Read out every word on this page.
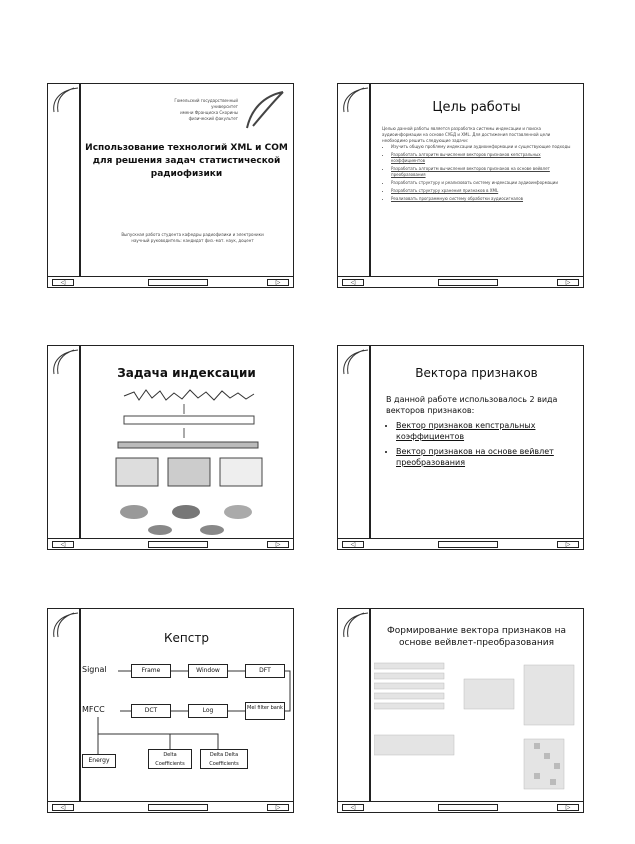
Гомельский государственный университет
имени Франциска Скорины
физический факультет
Использование технологий XML и COM для решения задач статистической радиофизики
Выпускная работа студента кафедры радиофизики и электроники
научный руководитель: кандидат физ.-мат. наук, доцент
◁	▷
Цель работы
Целью данной работы является разработка системы индексации и поиска аудиоинформации на основе СУБД и XML. Для достижения поставленной цели необходимо решить следующие задачи:
• Изучить общую проблему индексации аудиоинформации и существующие подходы
• Разработать алгоритм вычисления векторов признаков кепстральных коэффициентов
• Разработать алгоритм вычисления векторов признаков на основе вейвлет преобразования
• Разработать структуру и реализовать систему индексации аудиоинформации
• Разработать структуру хранения признаков в XML
• Реализовать программную систему обработки аудиосигналов
◁	▷
Задача индексации
◁	▷
Вектора признаков
В данной работе использовалось 2 вида векторов признаков:
• Вектор признаков кепстральных коэффициентов
• Вектор признаков на основе вейвлет преобразования
◁	▷
Кепстр
Signal
MFCC
Frame	Window	DFT
DCT	Log	Mel filter bank
Energy
Delta Coefficients
Delta Delta Coefficients
◁	▷
Формирование вектора признаков на основе вейвлет-преобразования
◁	▷
